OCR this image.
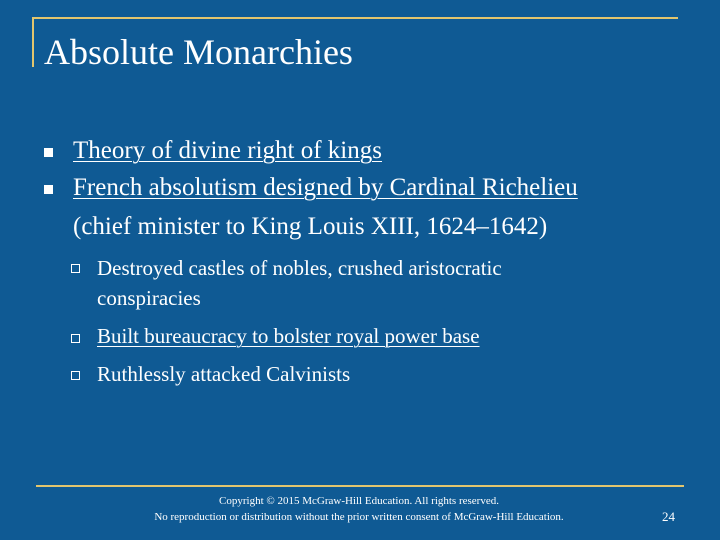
Absolute Monarchies
Theory of divine right of kings
French absolutism designed by Cardinal Richelieu
(chief minister to King Louis XIII, 1624–1642)
Destroyed castles of nobles, crushed aristocratic
conspiracies
Built bureaucracy to bolster royal power base
Ruthlessly attacked Calvinists
Copyright © 2015 McGraw-Hill Education. All rights reserved.
No reproduction or distribution without the prior written consent of McGraw-Hill Education.	24
